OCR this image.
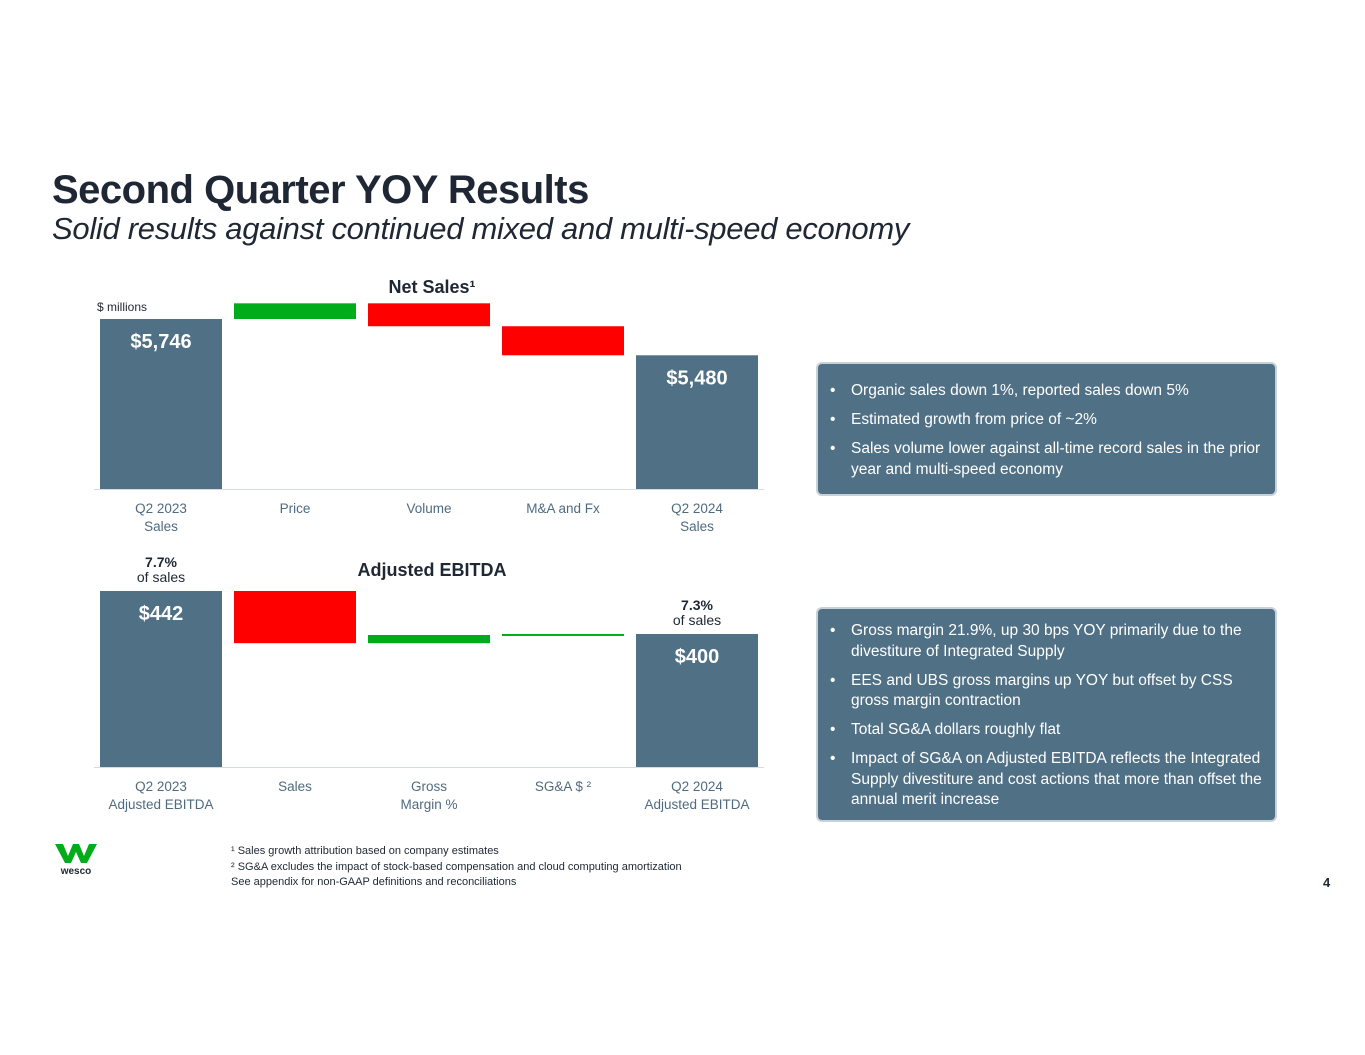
Second Quarter YOY Results
Solid results against continued mixed and multi-speed economy
Net Sales¹
$ millions
$5,746
Q2 2023
Sales
Price	Volume	M&A and Fx
$5,480
Q2 2024
Sales
Adjusted EBITDA
$442
7.7%
of sales
Q2 2023
Adjusted EBITDA
Sales	Gross
Margin %
SG&A $ ²
$400
7.3%
of sales
Q2 2024
Adjusted EBITDA
• Organic sales down 1%, reported sales down 5%
• Estimated growth from price of ~2%
• Sales volume lower against all-time record sales in the prior year and multi-speed economy
• Gross margin 21.9%, up 30 bps YOY primarily due to the divestiture of Integrated Supply
• EES and UBS gross margins up YOY but offset by CSS gross margin contraction
• Total SG&A dollars roughly flat
• Impact of SG&A on Adjusted EBITDA reflects the Integrated Supply divestiture and cost actions that more than offset the annual merit increase
wesco
¹ Sales growth attribution based on company estimates
² SG&A excludes the impact of stock-based compensation and cloud computing amortization
See appendix for non-GAAP definitions and reconciliations	4
